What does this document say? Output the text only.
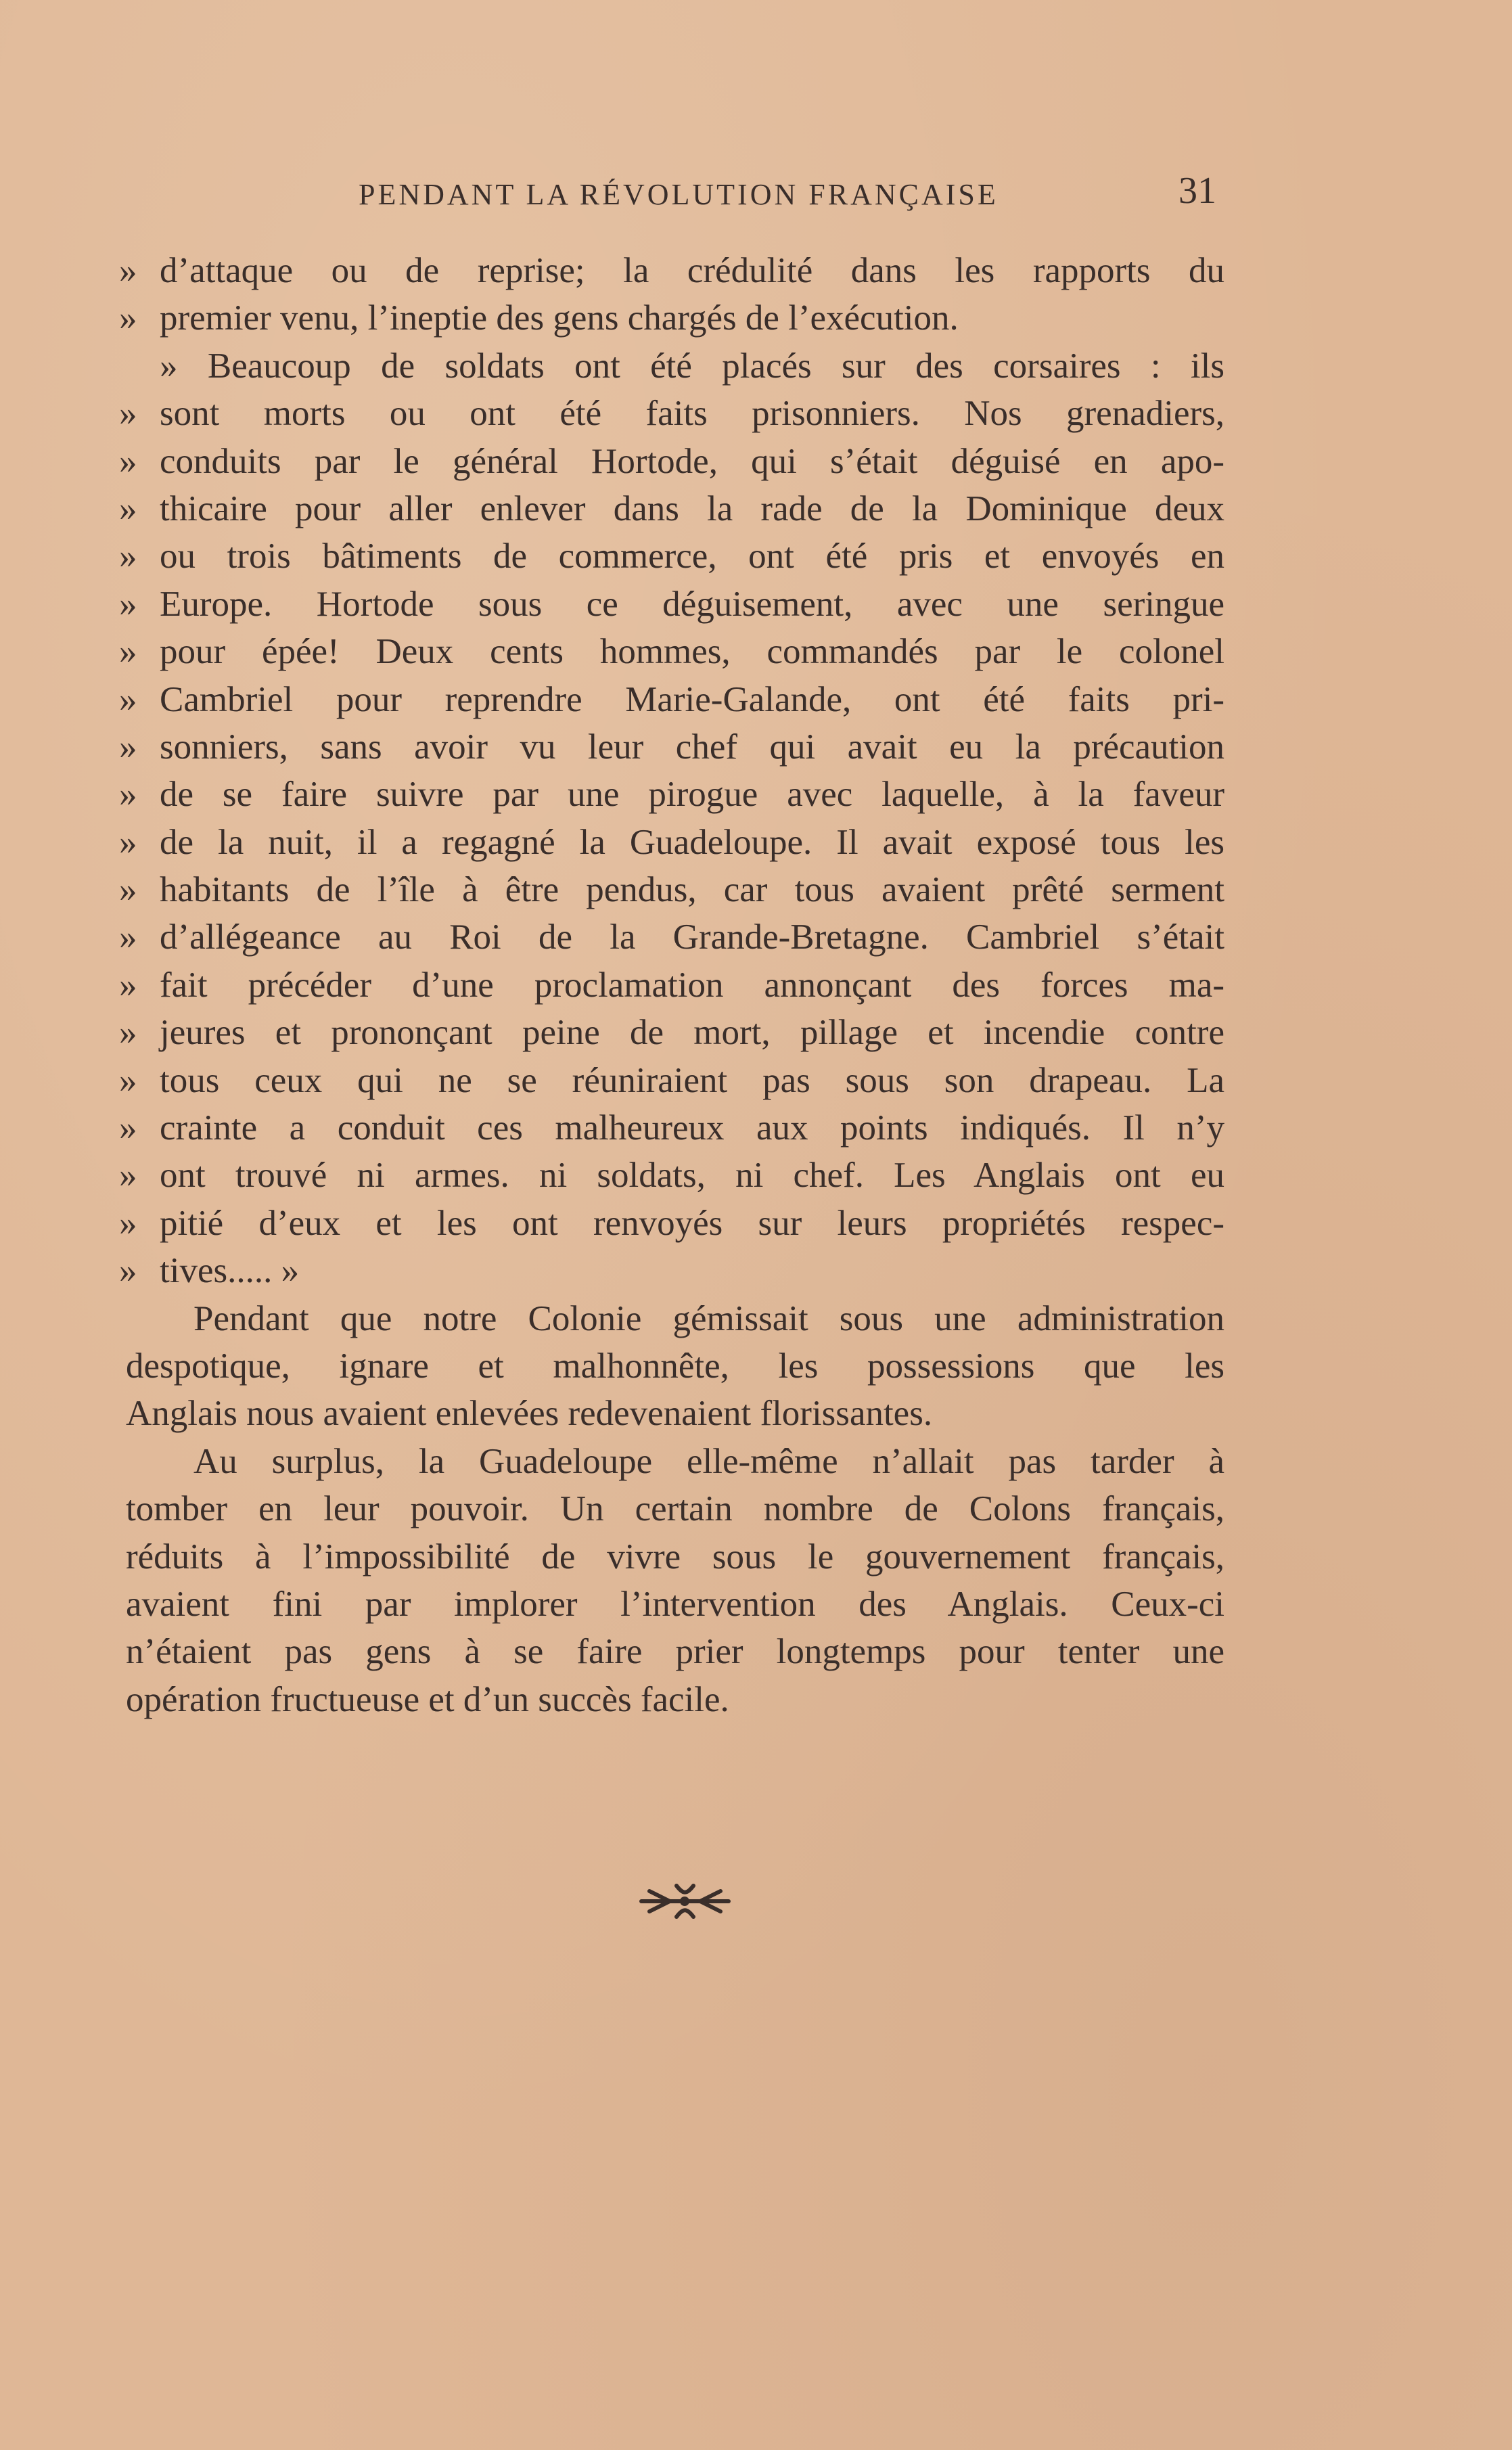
PENDANT LA RÉVOLUTION FRANÇAISE	31
» d’attaque ou de reprise; la crédulité dans les rapports du
» premier venu, l’ineptie des gens chargés de l’exécution.
» Beaucoup de soldats ont été placés sur des corsaires : ils
» sont morts ou ont été faits prisonniers. Nos grenadiers,
» conduits par le général Hortode, qui s’était déguisé en apo-
» thicaire pour aller enlever dans la rade de la Dominique deux
» ou trois bâtiments de commerce, ont été pris et envoyés en
» Europe. Hortode sous ce déguisement, avec une seringue
» pour épée! Deux cents hommes, commandés par le colonel
» Cambriel pour reprendre Marie-Galande, ont été faits pri-
» sonniers, sans avoir vu leur chef qui avait eu la précaution
» de se faire suivre par une pirogue avec laquelle, à la faveur
» de la nuit, il a regagné la Guadeloupe. Il avait exposé tous les
» habitants de l’île à être pendus, car tous avaient prêté serment
» d’allégeance au Roi de la Grande-Bretagne. Cambriel s’était
» fait précéder d’une proclamation annonçant des forces ma-
» jeures et prononçant peine de mort, pillage et incendie contre
» tous ceux qui ne se réuniraient pas sous son drapeau. La
» crainte a conduit ces malheureux aux points indiqués. Il n’y
» ont trouvé ni armes. ni soldats, ni chef. Les Anglais ont eu
» pitié d’eux et les ont renvoyés sur leurs propriétés respec-
» tives..... »
Pendant que notre Colonie gémissait sous une administration
despotique, ignare et malhonnête, les possessions que les
Anglais nous avaient enlevées redevenaient florissantes.
Au surplus, la Guadeloupe elle-même n’allait pas tarder à
tomber en leur pouvoir. Un certain nombre de Colons français,
réduits à l’impossibilité de vivre sous le gouvernement français,
avaient fini par implorer l’intervention des Anglais. Ceux-ci
n’étaient pas gens à se faire prier longtemps pour tenter une
opération fructueuse et d’un succès facile.
